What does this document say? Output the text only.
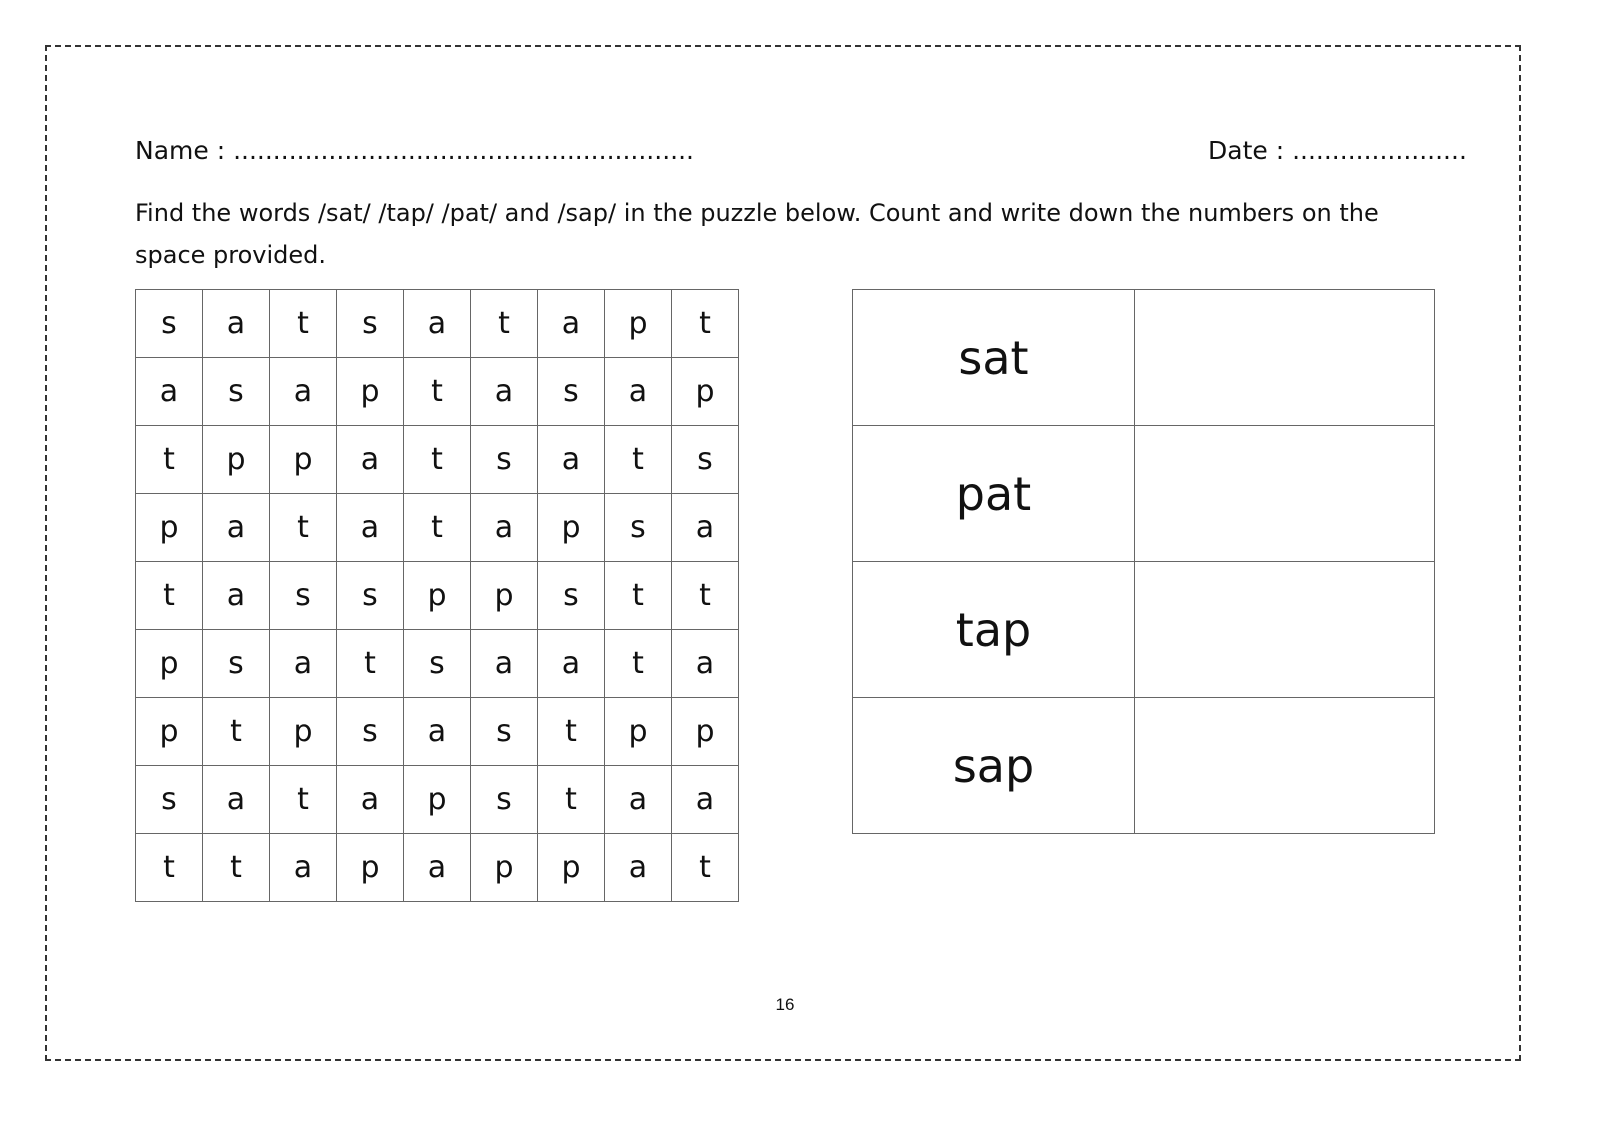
Name : ..........................................................	Date : ......................
Find the words /sat/ /tap/ /pat/ and /sap/ in the puzzle below. Count and write down the numbers on the space provided.
s	a	t	s	a	t	a	p	t
a	s	a	p	t	a	s	a	p
t	p	p	a	t	s	a	t	s
p	a	t	a	t	a	p	s	a
t	a	s	s	p	p	s	t	t
p	s	a	t	s	a	a	t	a
p	t	p	s	a	s	t	p	p
s	a	t	a	p	s	t	a	a
t	t	a	p	a	p	p	a	t
sat	
pat	
tap	
sap	
16
